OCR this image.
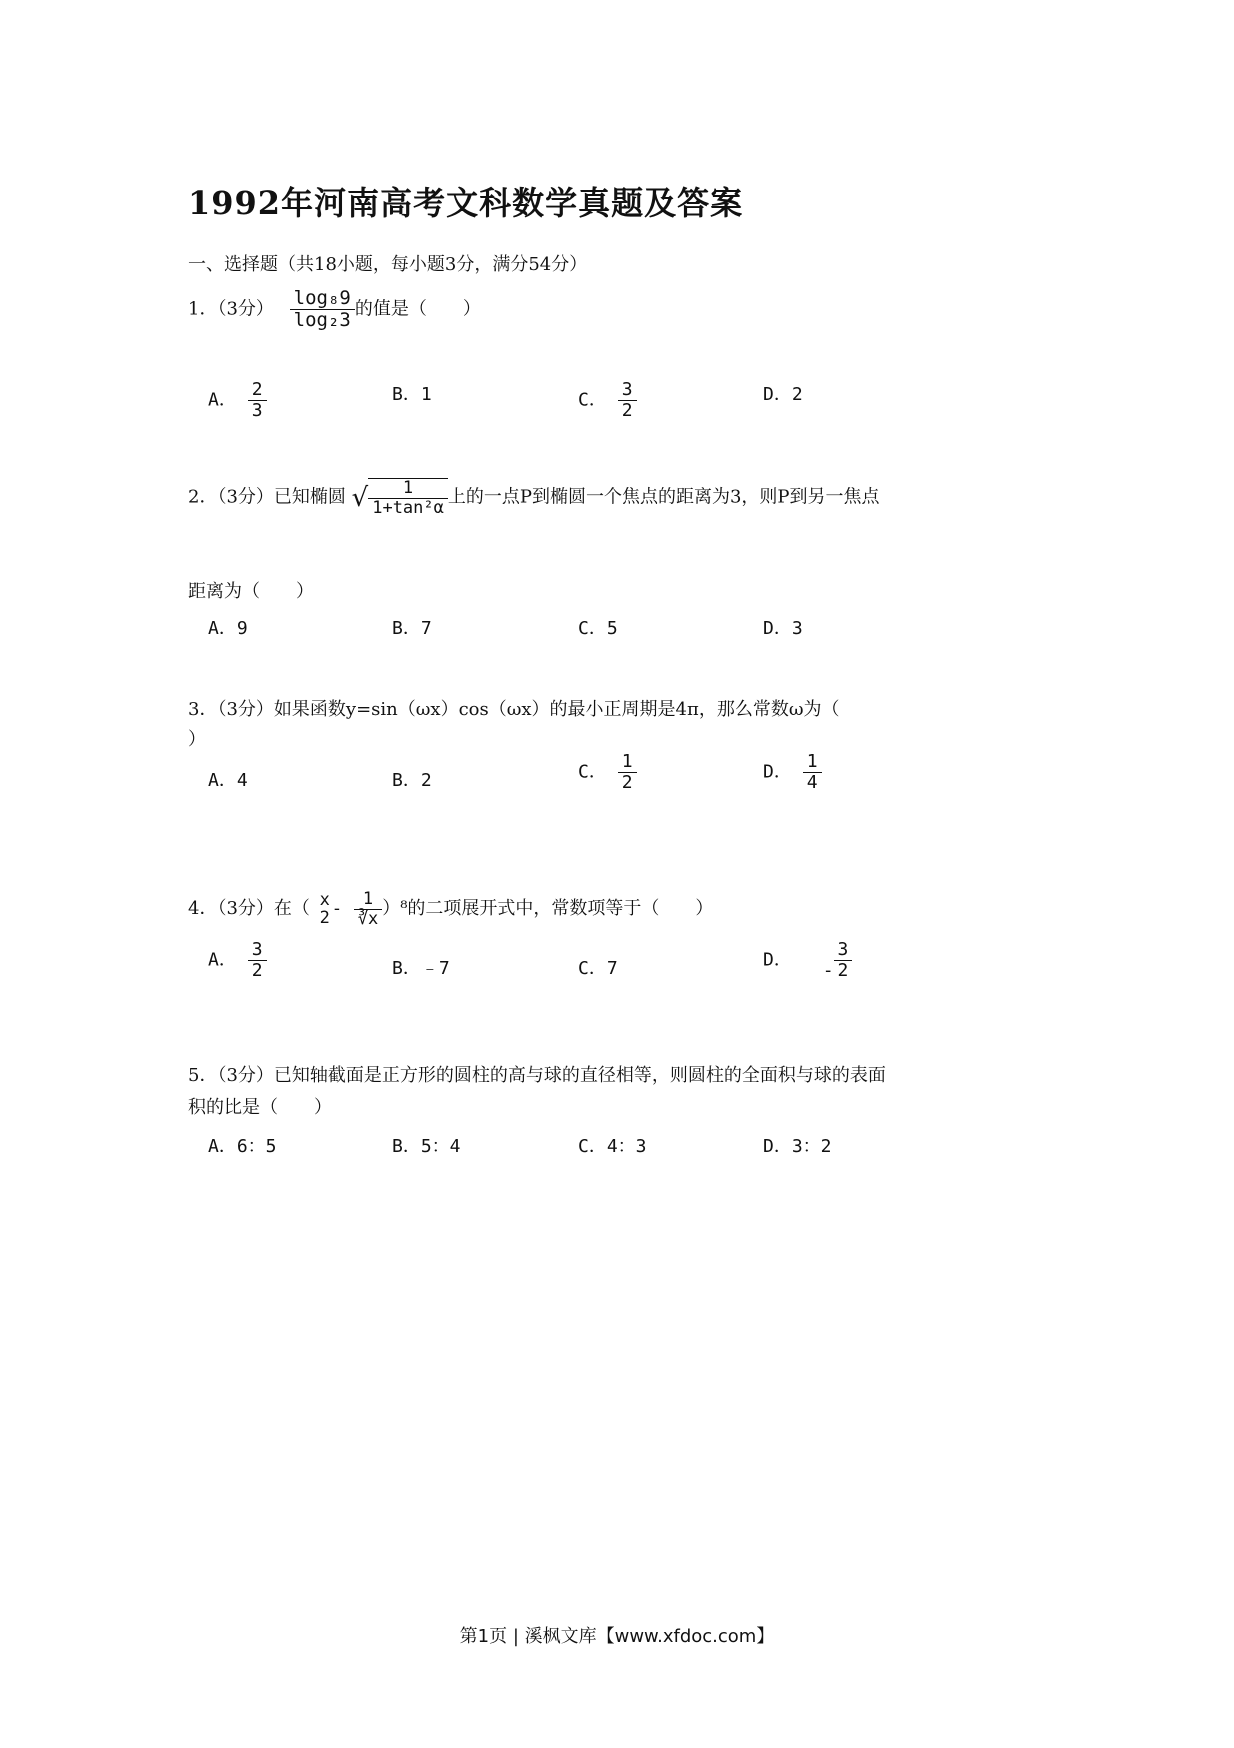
1992年河南高考文科数学真题及答案
一、选择题（共18小题，每小题3分，满分54分）
1．（3分） $\frac{\text{log₈9}}{\text{log₂3}}$ 的值是（　　）
A． $\frac{2}{3}$	B．1	C． $\frac{3}{2}$	D．2
2．（3分）已知椭圆 √ $\frac{1}{\text{1+tan²α}}$ 上的一点P到椭圆一个焦点的距离为3，则P到另一焦点
距离为（　　）
A．9	B．7	C．5	D．3
3．（3分）如果函数y=sin（ωx）cos（ωx）的最小正周期是4π，那么常数ω为（
）
A．4	B．2	C． $\frac{1}{2}$	D． $\frac{1}{4}$
4．（3分）在（ x
$2 - \frac{1}{∛x} )^8$的二项展开式中，常数项等于（　　）
A． $\frac{3}{2}$	B．﹣7	C．7	D． - $\frac{3}{2}$
5．（3分）已知轴截面是正方形的圆柱的高与球的直径相等，则圆柱的全面积与球的表面
积的比是（　　）
A．6：5	B．5：4	C．4：3	D．3：2
第1页 | 溪枫文库【www.xfdoc.com】
